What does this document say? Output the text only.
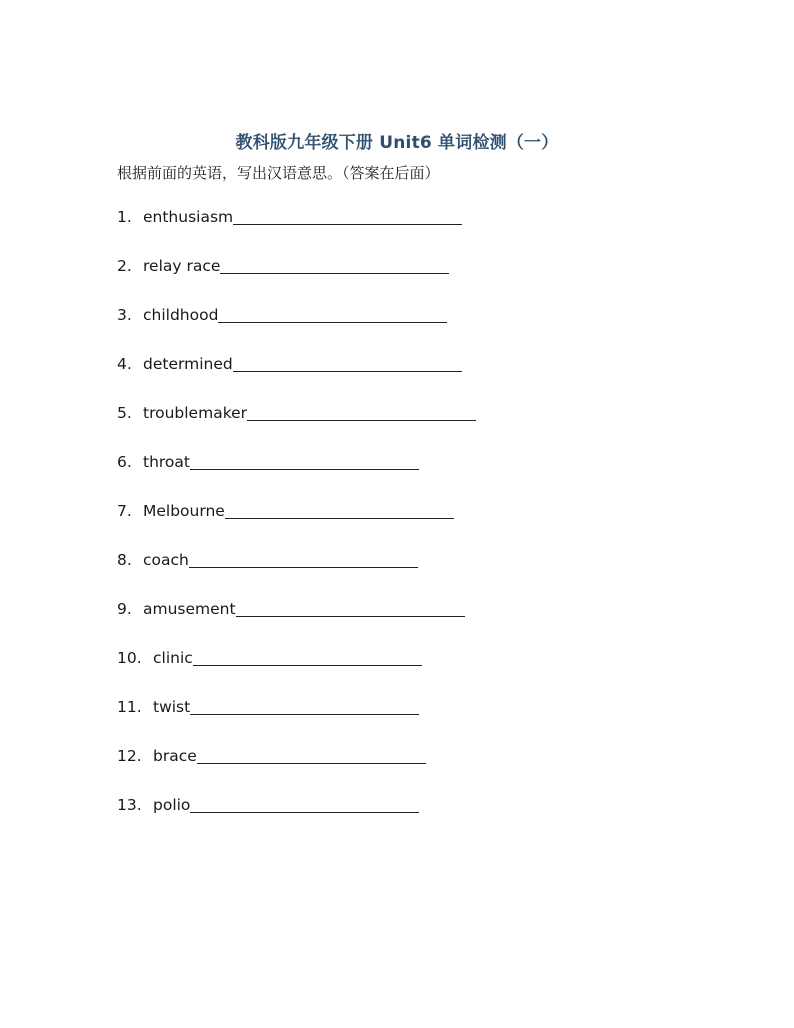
教科版九年级下册 Unit6 单词检测（一）
根据前面的英语，写出汉语意思。（答案在后面）
1. enthusiasm
2. relay race
3. childhood
4. determined
5. troublemaker
6. throat
7. Melbourne
8. coach
9. amusement
10. clinic
11. twist
12. brace
13. polio
